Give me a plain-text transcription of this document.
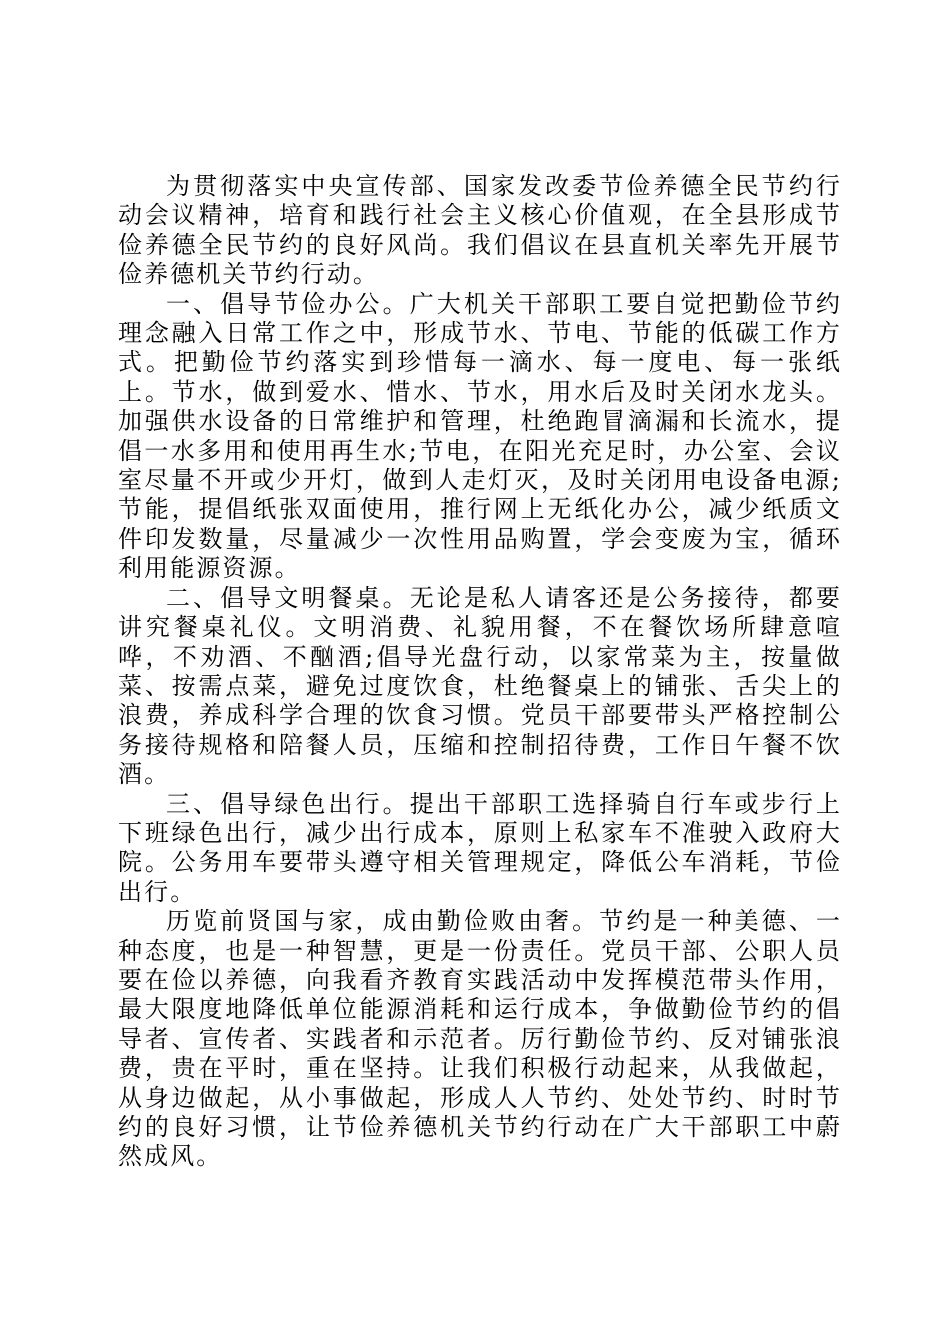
为贯彻落实中央宣传部、国家发改委节俭养德全民节约行动会议精神，培育和践行社会主义核心价值观，在全县形成节俭养德全民节约的良好风尚。我们倡议在县直机关率先开展节俭养德机关节约行动。

一、倡导节俭办公。广大机关干部职工要自觉把勤俭节约理念融入日常工作之中，形成节水、节电、节能的低碳工作方式。把勤俭节约落实到珍惜每一滴水、每一度电、每一张纸上。节水，做到爱水、惜水、节水，用水后及时关闭水龙头。加强供水设备的日常维护和管理，杜绝跑冒滴漏和长流水，提倡一水多用和使用再生水;节电，在阳光充足时，办公室、会议室尽量不开或少开灯，做到人走灯灭，及时关闭用电设备电源;节能，提倡纸张双面使用，推行网上无纸化办公，减少纸质文件印发数量，尽量减少一次性用品购置，学会变废为宝，循环利用能源资源。

二、倡导文明餐桌。无论是私人请客还是公务接待，都要讲究餐桌礼仪。文明消费、礼貌用餐，不在餐饮场所肆意喧哗，不劝酒、不酗酒;倡导光盘行动，以家常菜为主，按量做菜、按需点菜，避免过度饮食，杜绝餐桌上的铺张、舌尖上的浪费，养成科学合理的饮食习惯。党员干部要带头严格控制公务接待规格和陪餐人员，压缩和控制招待费，工作日午餐不饮酒。

三、倡导绿色出行。提出干部职工选择骑自行车或步行上下班绿色出行，减少出行成本，原则上私家车不准驶入政府大院。公务用车要带头遵守相关管理规定，降低公车消耗，节俭出行。

历览前贤国与家，成由勤俭败由奢。节约是一种美德、一种态度，也是一种智慧，更是一份责任。党员干部、公职人员要在俭以养德，向我看齐教育实践活动中发挥模范带头作用，最大限度地降低单位能源消耗和运行成本，争做勤俭节约的倡导者、宣传者、实践者和示范者。厉行勤俭节约、反对铺张浪费，贵在平时，重在坚持。让我们积极行动起来，从我做起，从身边做起，从小事做起，形成人人节约、处处节约、时时节约的良好习惯，让节俭养德机关节约行动在广大干部职工中蔚然成风。
